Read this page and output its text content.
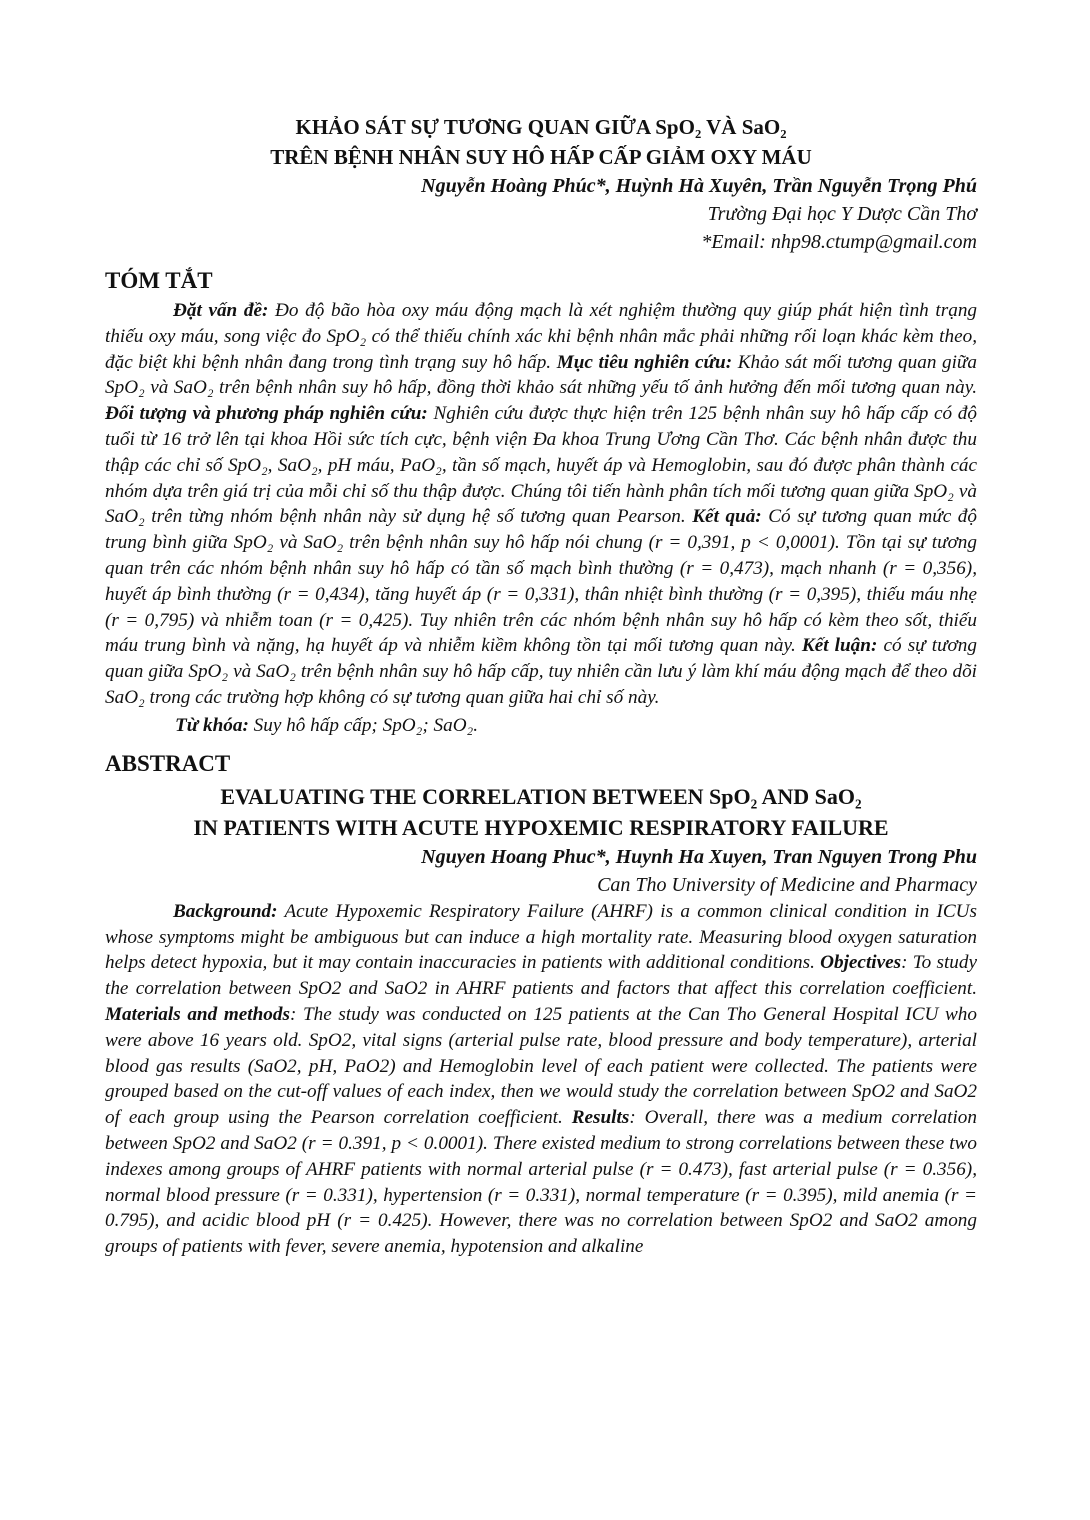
KHẢO SÁT SỰ TƯƠNG QUAN GIỮA SpO₂ VÀ SaO₂
TRÊN BỆNH NHÂN SUY HÔ HẤP CẤP GIẢM OXY MÁU

Nguyễn Hoàng Phúc*, Huỳnh Hà Xuyên, Trần Nguyễn Trọng Phú

Trường Đại học Y Dược Cần Thơ

*Email: nhp98.ctump@gmail.com

TÓM TẮT

Đặt vấn đề: Đo độ bão hòa oxy máu động mạch là xét nghiệm thường quy giúp phát hiện tình trạng thiếu oxy máu, song việc đo SpO₂ có thể thiếu chính xác khi bệnh nhân mắc phải những rối loạn khác kèm theo, đặc biệt khi bệnh nhân đang trong tình trạng suy hô hấp. Mục tiêu nghiên cứu: Khảo sát mối tương quan giữa SpO₂ và SaO₂ trên bệnh nhân suy hô hấp, đồng thời khảo sát những yếu tố ảnh hưởng đến mối tương quan này. Đối tượng và phương pháp nghiên cứu: Nghiên cứu được thực hiện trên 125 bệnh nhân suy hô hấp cấp có độ tuổi từ 16 trở lên tại khoa Hồi sức tích cực, bệnh viện Đa khoa Trung Ương Cần Thơ. Các bệnh nhân được thu thập các chỉ số SpO₂, SaO₂, pH máu, PaO₂, tần số mạch, huyết áp và Hemoglobin, sau đó được phân thành các nhóm dựa trên giá trị của mỗi chỉ số thu thập được. Chúng tôi tiến hành phân tích mối tương quan giữa SpO₂ và SaO₂ trên từng nhóm bệnh nhân này sử dụng hệ số tương quan Pearson. Kết quả: Có sự tương quan mức độ trung bình giữa SpO₂ và SaO₂ trên bệnh nhân suy hô hấp nói chung (r = 0,391, p < 0,0001). Tồn tại sự tương quan trên các nhóm bệnh nhân suy hô hấp có tần số mạch bình thường (r = 0,473), mạch nhanh (r = 0,356), huyết áp bình thường (r = 0,434), tăng huyết áp (r = 0,331), thân nhiệt bình thường (r = 0,395), thiếu máu nhẹ (r = 0,795) và nhiễm toan (r = 0,425). Tuy nhiên trên các nhóm bệnh nhân suy hô hấp có kèm theo sốt, thiếu máu trung bình và nặng, hạ huyết áp và nhiễm kiềm không tồn tại mối tương quan này. Kết luận: có sự tương quan giữa SpO₂ và SaO₂ trên bệnh nhân suy hô hấp cấp, tuy nhiên cần lưu ý làm khí máu động mạch để theo dõi SaO₂ trong các trường hợp không có sự tương quan giữa hai chỉ số này.

Từ khóa: Suy hô hấp cấp; SpO₂; SaO₂.

ABSTRACT
EVALUATING THE CORRELATION BETWEEN SpO₂ AND SaO₂
IN PATIENTS WITH ACUTE HYPOXEMIC RESPIRATORY FAILURE

Nguyen Hoang Phuc*, Huynh Ha Xuyen, Tran Nguyen Trong Phu

Can Tho University of Medicine and Pharmacy

Background: Acute Hypoxemic Respiratory Failure (AHRF) is a common clinical condition in ICUs whose symptoms might be ambiguous but can induce a high mortality rate. Measuring blood oxygen saturation helps detect hypoxia, but it may contain inaccuracies in patients with additional conditions. Objectives: To study the correlation between SpO2 and SaO2 in AHRF patients and factors that affect this correlation coefficient. Materials and methods: The study was conducted on 125 patients at the Can Tho General Hospital ICU who were above 16 years old. SpO2, vital signs (arterial pulse rate, blood pressure and body temperature), arterial blood gas results (SaO2, pH, PaO2) and Hemoglobin level of each patient were collected. The patients were grouped based on the cut-off values of each index, then we would study the correlation between SpO2 and SaO2 of each group using the Pearson correlation coefficient. Results: Overall, there was a medium correlation between SpO2 and SaO2 (r = 0.391, p < 0.0001). There existed medium to strong correlations between these two indexes among groups of AHRF patients with normal arterial pulse (r = 0.473), fast arterial pulse (r = 0.356), normal blood pressure (r = 0.331), hypertension (r = 0.331), normal temperature (r = 0.395), mild anemia (r = 0.795), and acidic blood pH (r = 0.425). However, there was no correlation between SpO2 and SaO2 among groups of patients with fever, severe anemia, hypotension and alkaline
